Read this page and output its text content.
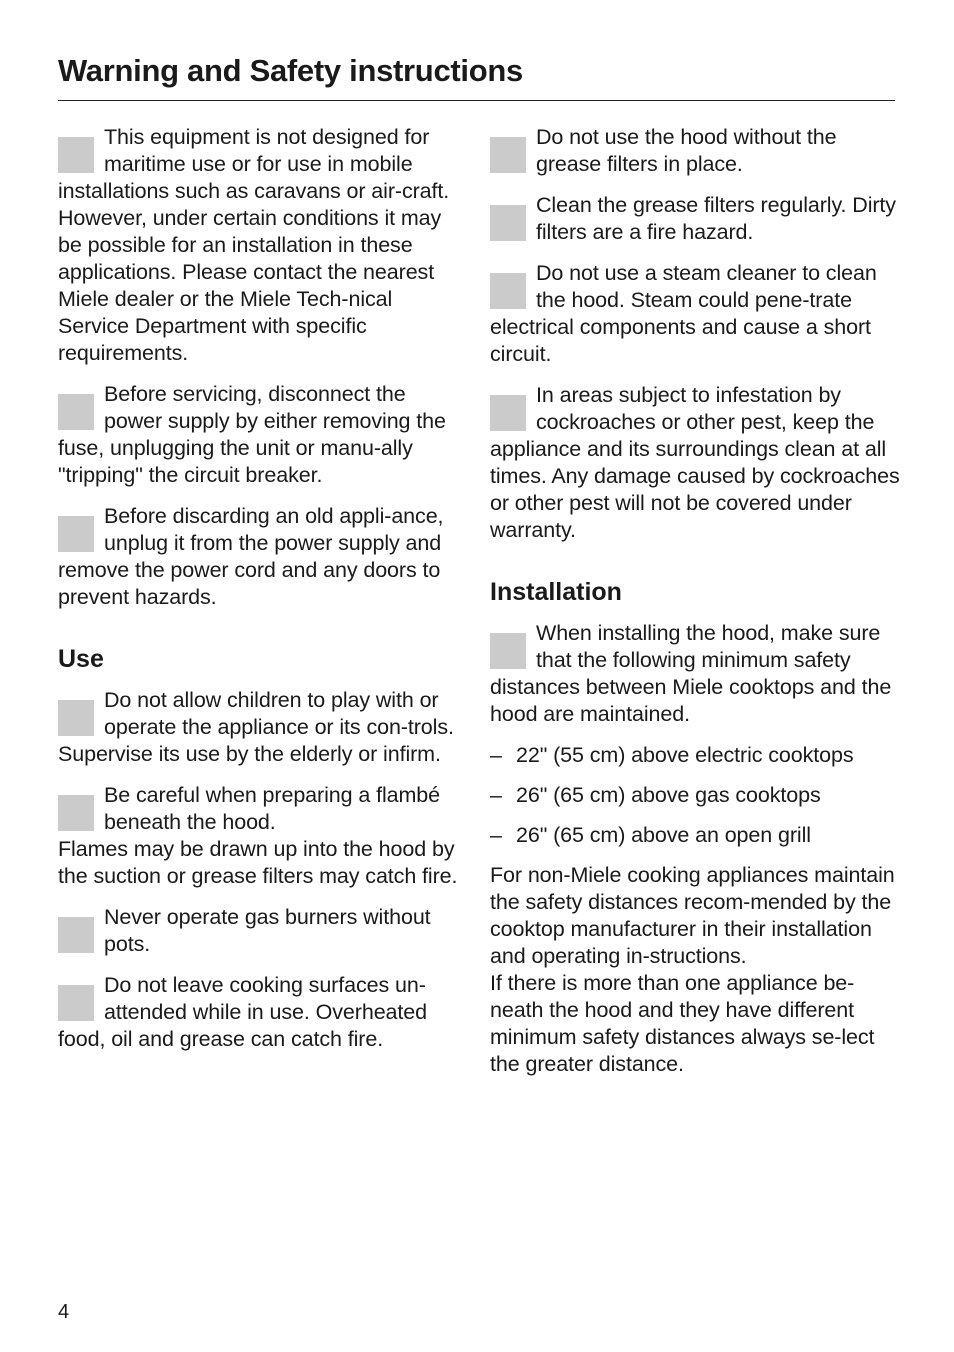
Warning and Safety instructions
This equipment is not designed for maritime use or for use in mobile installations such as caravans or air-craft. However, under certain conditions it may be possible for an installation in these applications. Please contact the nearest Miele dealer or the Miele Tech-nical Service Department with specific requirements.
Before servicing, disconnect the power supply by either removing the fuse, unplugging the unit or manu-ally "tripping" the circuit breaker.
Before discarding an old appli-ance, unplug it from the power supply and remove the power cord and any doors to prevent hazards.
Use
Do not allow children to play with or operate the appliance or its con-trols. Supervise its use by the elderly or infirm.
Be careful when preparing a flambé beneath the hood.
Flames may be drawn up into the hood by the suction or grease filters may catch fire.
Never operate gas burners without pots.
Do not leave cooking surfaces un-attended while in use. Overheated food, oil and grease can catch fire.
Do not use the hood without the grease filters in place.
Clean the grease filters regularly. Dirty filters are a fire hazard.
Do not use a steam cleaner to clean the hood. Steam could pene-trate electrical components and cause a short circuit.
In areas subject to infestation by cockroaches or other pest, keep the appliance and its surroundings clean at all times. Any damage caused by cockroaches or other pest will not be covered under warranty.
Installation
When installing the hood, make sure that the following minimum safety distances between Miele cooktops and the hood are maintained.
– 22" (55 cm) above electric cooktops
– 26" (65 cm) above gas cooktops
– 26" (65 cm) above an open grill

For non-Miele cooking appliances maintain the safety distances recom-mended by the cooktop manufacturer in their installation and operating in-structions.

If there is more than one appliance be-neath the hood and they have different minimum safety distances always se-lect the greater distance.

4
